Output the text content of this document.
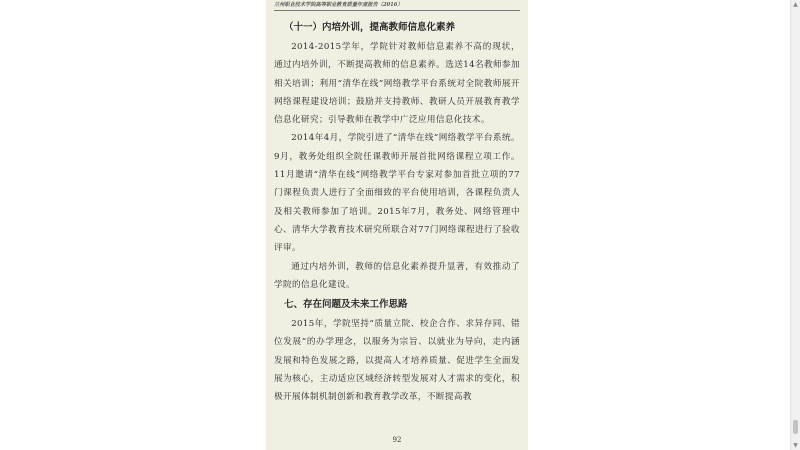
兰州职业技术学院高等职业教育质量年度报告（2016）
（十一）内培外训，提高教师信息化素养

2014-2015学年，学院针对教师信息素养不高的现状，通过内培外训，不断提高教师的信息素养。选送14名教师参加相关培训；利用“清华在线”网络教学平台系统对全院教师展开网络课程建设培训；鼓励并支持教师、教研人员开展教育教学信息化研究；引导教师在教学中广泛应用信息化技术。

2014年4月，学院引进了“清华在线”网络教学平台系统。9月，教务处组织全院任课教师开展首批网络课程立项工作。 11月邀请“清华在线”网络教学平台专家对参加首批立项的77门课程负责人进行了全面细致的平台使用培训，各课程负责人及相关教师参加了培训。2015年7月，教务处、网络管理中心、清华大学教育技术研究所联合对77门网络课程进行了验收评审。

通过内培外训，教师的信息化素养提升显著，有效推动了学院的信息化建设。

七、存在问题及未来工作思路

2015年，学院坚持“质量立院、校企合作、求异存同、错位发展”的办学理念，以服务为宗旨、以就业为导向，走内涵发展和特色发展之路，以提高人才培养质量、促进学生全面发展为核心，主动适应区域经济转型发展对人才需求的变化，积极开展体制机制创新和教育教学改革，不断提高教

92
▲
▼
